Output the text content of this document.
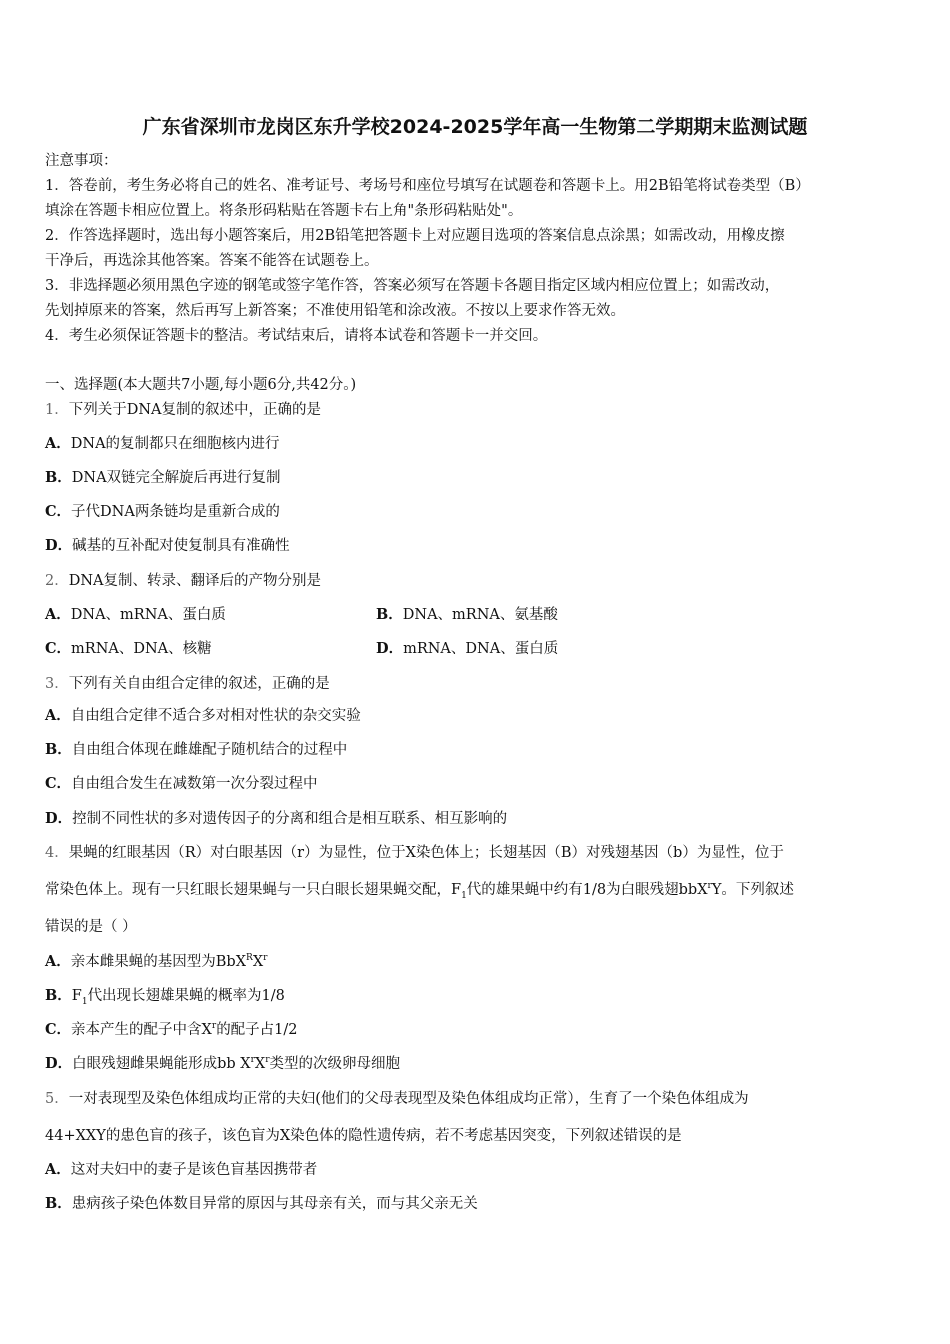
广东省深圳市龙岗区东升学校2024-2025学年高一生物第二学期期末监测试题
注意事项：
1．答卷前，考生务必将自己的姓名、准考证号、考场号和座位号填写在试题卷和答题卡上。用2B铅笔将试卷类型（B）
填涂在答题卡相应位置上。将条形码粘贴在答题卡右上角"条形码粘贴处"。
2．作答选择题时，选出每小题答案后，用2B铅笔把答题卡上对应题目选项的答案信息点涂黑；如需改动，用橡皮擦
干净后，再选涂其他答案。答案不能答在试题卷上。
3．非选择题必须用黑色字迹的钢笔或签字笔作答，答案必须写在答题卡各题目指定区域内相应位置上；如需改动，
先划掉原来的答案，然后再写上新答案；不准使用铅笔和涂改液。不按以上要求作答无效。
4．考生必须保证答题卡的整洁。考试结束后，请将本试卷和答题卡一并交回。
一、选择题(本大题共7小题,每小题6分,共42分。)
1．下列关于DNA复制的叙述中，正确的是
A．DNA的复制都只在细胞核内进行
B．DNA双链完全解旋后再进行复制
C．子代DNA两条链均是重新合成的
D．碱基的互补配对使复制具有准确性
2．DNA复制、转录、翻译后的产物分别是
A．DNA、mRNA、蛋白质	B．DNA、mRNA、氨基酸
C．mRNA、DNA、核糖	D．mRNA、DNA、蛋白质
3．下列有关自由组合定律的叙述，正确的是
A．自由组合定律不适合多对相对性状的杂交实验
B．自由组合体现在雌雄配子随机结合的过程中
C．自由组合发生在减数第一次分裂过程中
D．控制不同性状的多对遗传因子的分离和组合是相互联系、相互影响的
4．果蝇的红眼基因（R）对白眼基因（r）为显性，位于X染色体上；长翅基因（B）对残翅基因（b）为显性，位于
常染色体上。现有一只红眼长翅果蝇与一只白眼长翅果蝇交配，$F_1$代的雄果蝇中约有1/8为白眼残翅bbX$^r$Y。下列叙述
错误的是（ ）
A．亲本雌果蝇的基因型为$BbX^RX^r$
B．$F_1$代出现长翅雄果蝇的概率为1/8
C．亲本产生的配子中含$X^r$的配子占1/2
D．白眼残翅雌果蝇能形成bb $X^rX^r$类型的次级卵母细胞
5．一对表现型及染色体组成均正常的夫妇(他们的父母表现型及染色体组成均正常），生育了一个染色体组成为
44+XXY的患色盲的孩子，该色盲为X染色体的隐性遗传病，若不考虑基因突变，下列叙述错误的是
A．这对夫妇中的妻子是该色盲基因携带者
B．患病孩子染色体数目异常的原因与其母亲有关，而与其父亲无关
